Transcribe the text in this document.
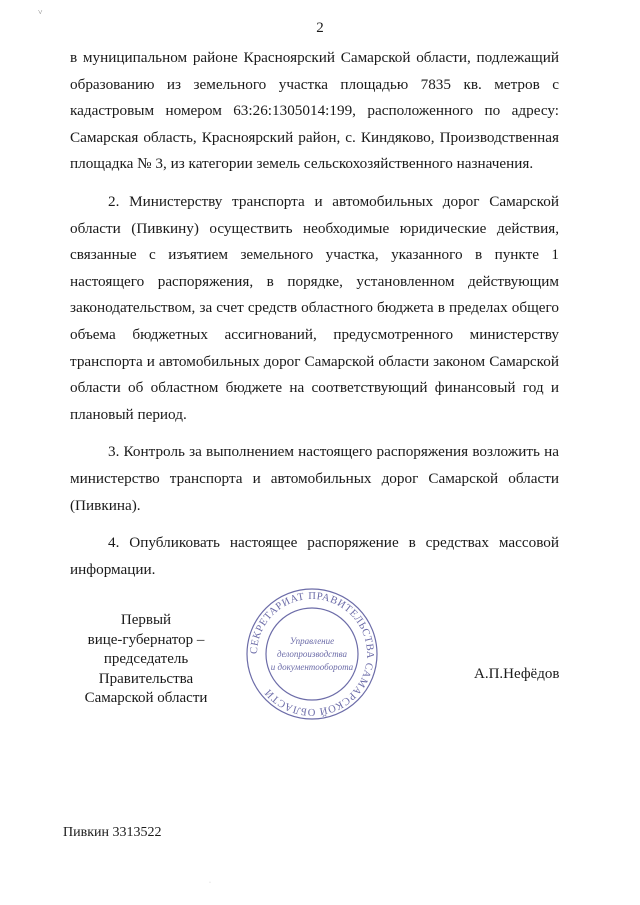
˅
2

в муниципальном районе Красноярский Самарской области, подлежащий образованию из земельного участка площадью 7835 кв. метров с кадастровым номером 63:26:1305014:199, расположенного по адресу: Самарская область, Красноярский район, с. Киндяково, Производственная площадка № 3, из категории земель сельскохозяйственного назначения.

2. Министерству транспорта и автомобильных дорог Самарской области (Пивкину) осуществить необходимые юридические действия, связанные с изъятием земельного участка, указанного в пункте 1 настоящего распоряжения, в порядке, установленном действующим законодательством, за счет средств областного бюджета в пределах общего объема бюджетных ассигнований, предусмотренного министерству транспорта и автомобильных дорог Самарской области законом Самарской области об областном бюджете на соответствующий финансовый год и плановый период.

3. Контроль за выполнением настоящего распоряжения возложить на министерство транспорта и автомобильных дорог Самарской области (Пивкина).

4. Опубликовать настоящее распоряжение в средствах массовой информации.

Первый
вице-губернатор –
председатель Правительства
Самарской области
СЕКРЕТАРИАТ ПРАВИТЕЛЬСТВА САМАРСКОЙ ОБЛАСТИ
Управление
делопроизводства
и документооборота	А.П.Нефёдов
Пивкин 3313522
·
